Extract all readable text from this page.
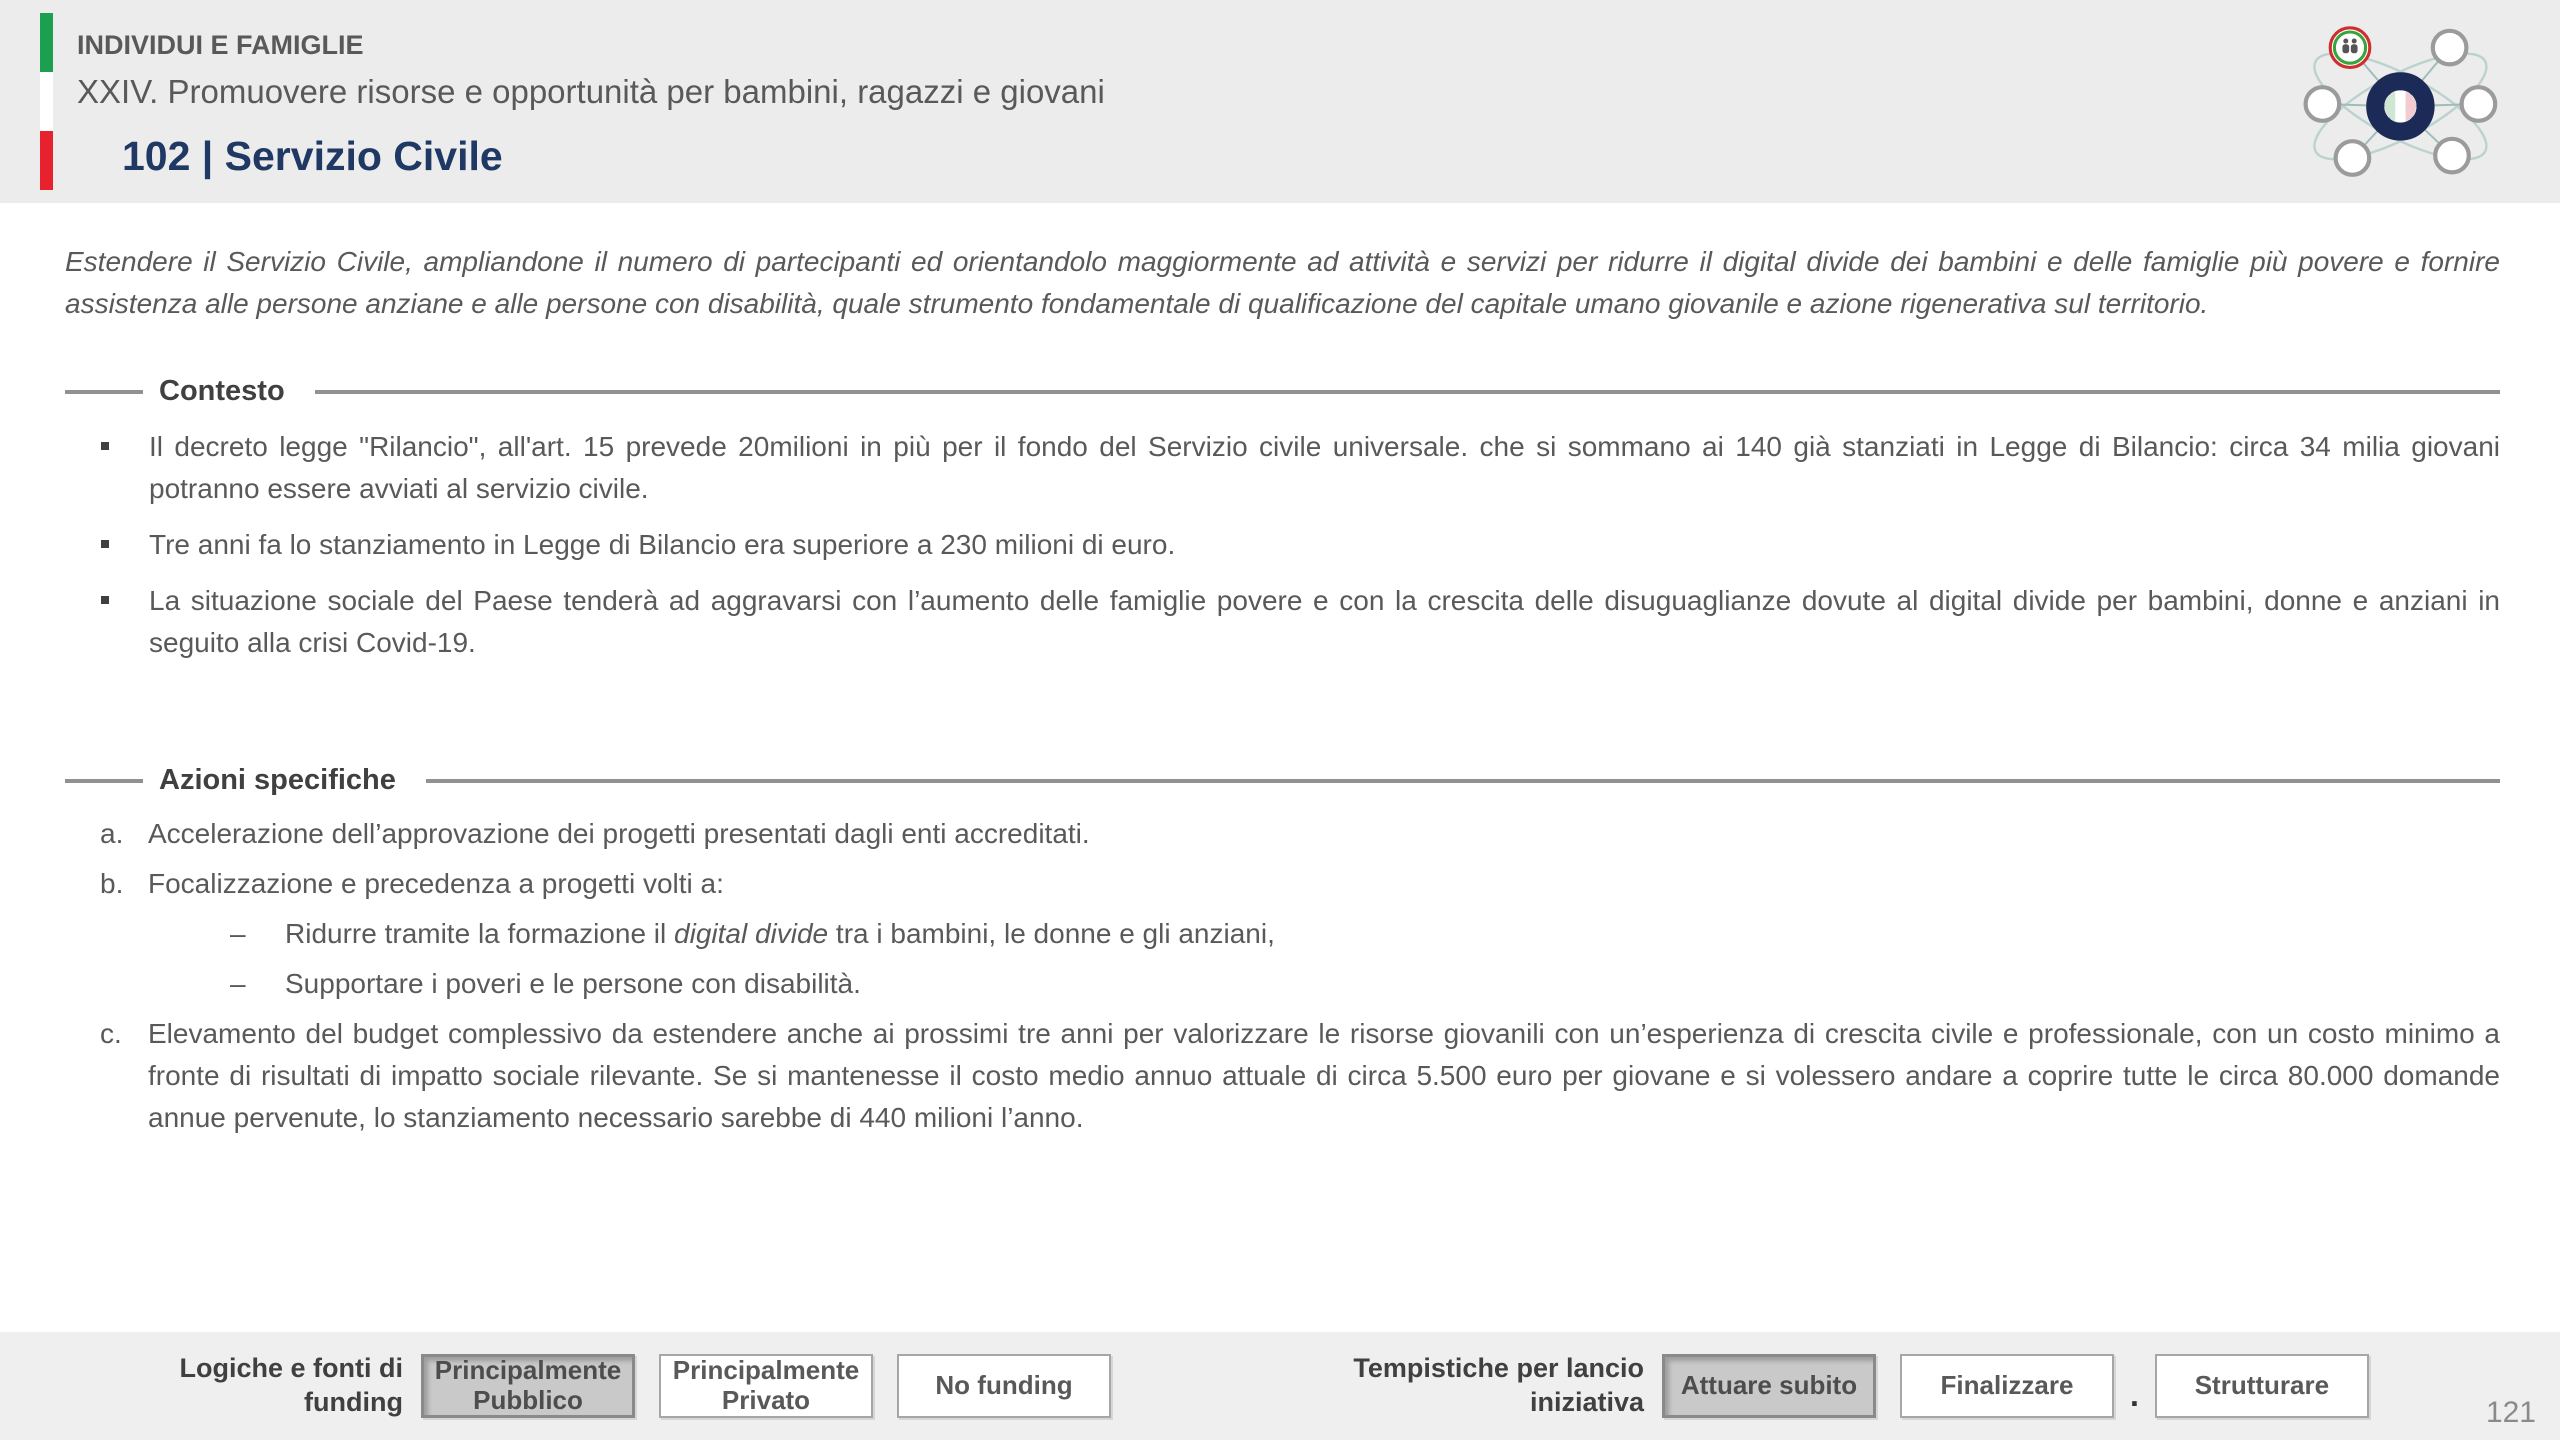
INDIVIDUI E FAMIGLIE
XXIV. Promuovere risorse e opportunità per bambini, ragazzi e giovani
102 | Servizio Civile

Estendere il Servizio Civile, ampliandone il numero di partecipanti ed orientandolo maggiormente ad attività e servizi per ridurre il digital divide dei bambini e delle famiglie più povere e fornire assistenza alle persone anziane e alle persone con disabilità, quale strumento fondamentale di qualificazione del capitale umano giovanile e azione rigenerativa sul territorio.

Contesto
Il decreto legge "Rilancio", all'art. 15 prevede 20milioni in più per il fondo del Servizio civile universale. che si sommano ai 140 già stanziati in Legge di Bilancio: circa 34 milia giovani potranno essere avviati al servizio civile.
Tre anni fa lo stanziamento in Legge di Bilancio era superiore a 230 milioni di euro.
La situazione sociale del Paese tenderà ad aggravarsi con l’aumento delle famiglie povere e con la crescita delle disuguaglianze dovute al digital divide per bambini, donne e anziani in seguito alla crisi Covid-19.
Azioni specifiche
a. Accelerazione dell’approvazione dei progetti presentati dagli enti accreditati.
b. Focalizzazione e precedenza a progetti volti a:
–	Ridurre tramite la formazione il digital divide tra i bambini, le donne e gli anziani,
–	Supportare i poveri e le persone con disabilità.
c. Elevamento del budget complessivo da estendere anche ai prossimi tre anni per valorizzare le risorse giovanili con un’esperienza di crescita civile e professionale, con un costo minimo a fronte di risultati di impatto sociale rilevante. Se si mantenesse il costo medio annuo attuale di circa 5.500 euro per giovane e si volessero andare a coprire tutte le circa 80.000 domande annue pervenute, lo stanziamento necessario sarebbe di 440 milioni l’anno.
Logiche e fonti di funding
Principalmente Pubblico
Principalmente Privato	No funding
Tempistiche per lancio iniziativa
Attuare subito	Finalizzare	.	Strutturare
121
